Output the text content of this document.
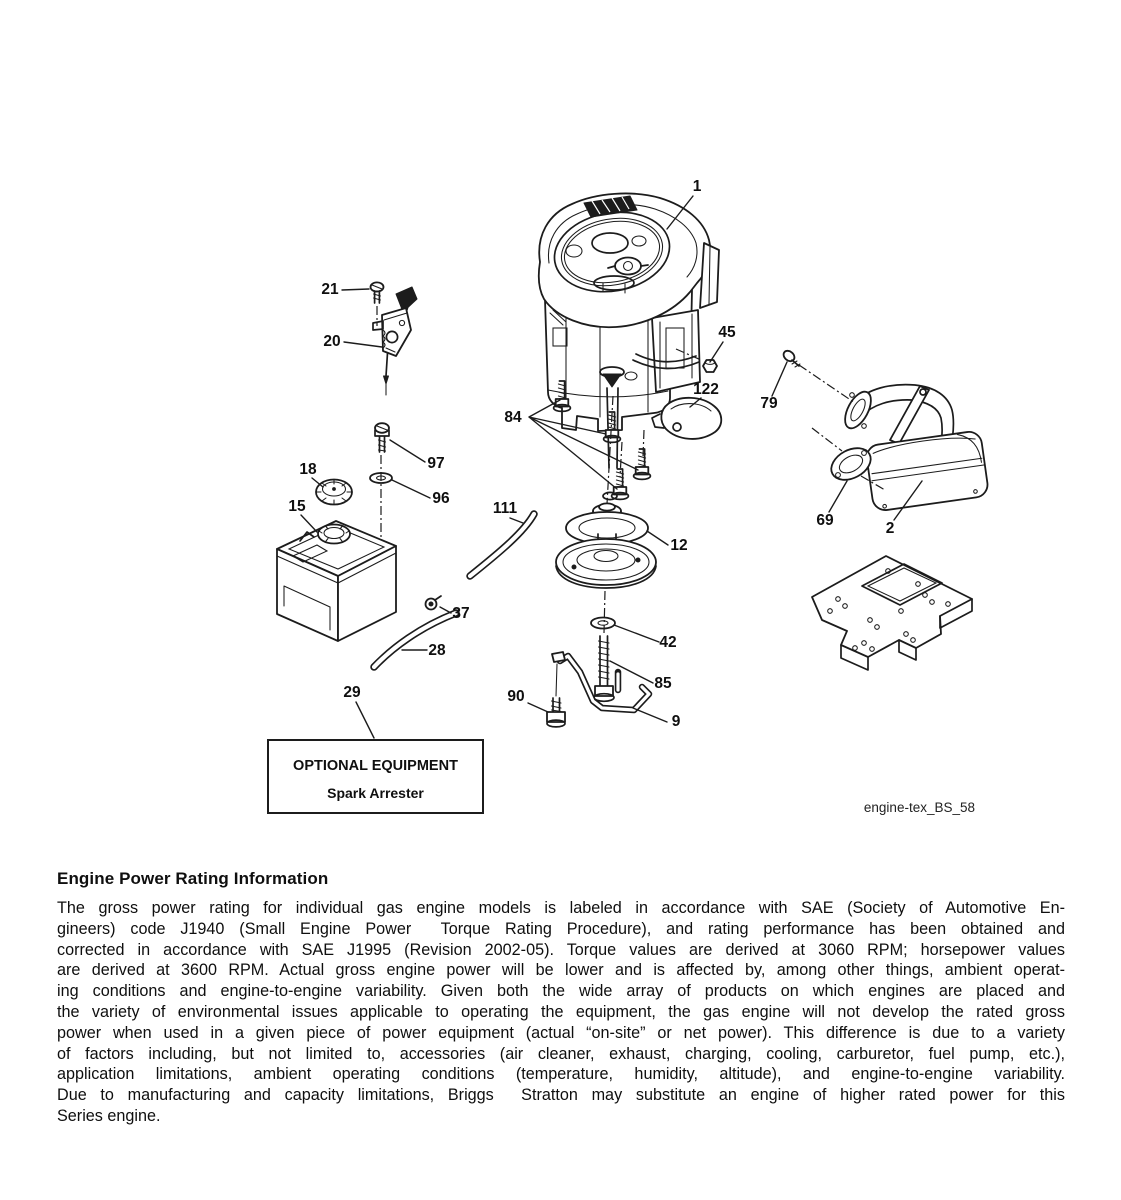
1
21
20
45
122
79
84
97
96
18
15	111
12
69	2
37
28	42
85
90
9
29
OPTIONAL EQUIPMENT
Spark Arrester
engine-tex_BS_58
Engine Power Rating Information
The gross power rating for individual gas engine models is labeled in accordance with SAE (Society of Automotive En-
gineers) code J1940 (Small Engine Power  Torque Rating Procedure), and rating performance has been obtained and
corrected in accordance with SAE J1995 (Revision 2002-05). Torque values are derived at 3060 RPM; horsepower values
are derived at 3600 RPM. Actual gross engine power will be lower and is affected by, among other things, ambient operat-
ing conditions and engine-to-engine variability. Given both the wide array of products on which engines are placed and
the variety of environmental issues applicable to operating the equipment, the gas engine will not develop the rated gross
power when used in a given piece of power equipment (actual “on-site” or net power). This difference is due to a variety
of factors including, but not limited to, accessories (air cleaner, exhaust, charging, cooling, carburetor, fuel pump, etc.),
application limitations, ambient operating conditions (temperature, humidity, altitude), and engine-to-engine variability.
Due to manufacturing and capacity limitations, Briggs  Stratton may substitute an engine of higher rated power for this
Series engine.
